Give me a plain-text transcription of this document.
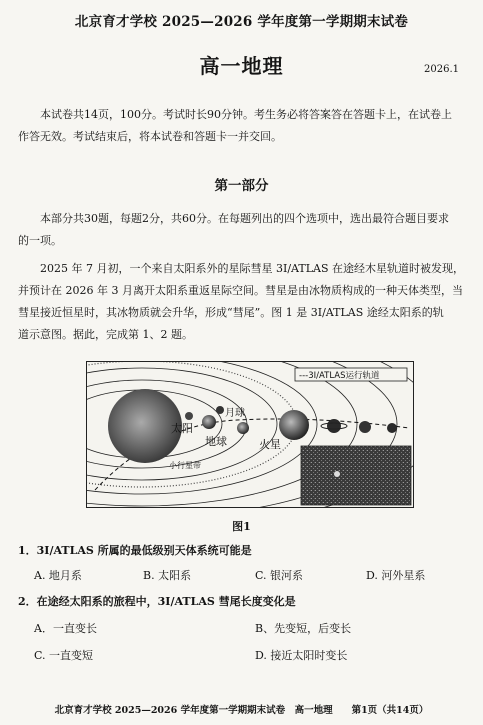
北京育才学校 2025—2026 学年度第一学期期末试卷
高一地理	2026.1
本试卷共14页，100分。考试时长90分钟。考生务必将答案答在答题卡上，在试卷上
作答无效。考试结束后，将本试卷和答题卡一并交回。
第一部分
本部分共30题，每题2分，共60分。在每题列出的四个选项中，选出最符合题目要求
的一项。
2025 年 7 月初，一个来自太阳系外的星际彗星 3I/ATLAS 在途经木星轨道时被发现，
并预计在 2026 年 3 月离开太阳系重返星际空间。彗星是由冰物质构成的一种天体类型，当
彗星接近恒星时，其冰物质就会升华，形成“彗尾”。图 1 是 3I/ATLAS 途经太阳系的轨
道示意图。据此，完成第 1、2 题。
---3I/ATLAS运行轨道
太阳
月球
地球	火星
小行星带
图1
1．3I/ATLAS 所属的最低级别天体系统可能是
A. 地月系	B. 太阳系	C. 银河系	D. 河外星系
2．在途经太阳系的旅程中，3I/ATLAS 彗尾长度变化是
A．一直变长	B、先变短，后变长
C. 一直变短	D. 接近太阳时变长
北京育才学校 2025—2026 学年度第一学期期末试卷　高一地理　　第1页（共14页）
